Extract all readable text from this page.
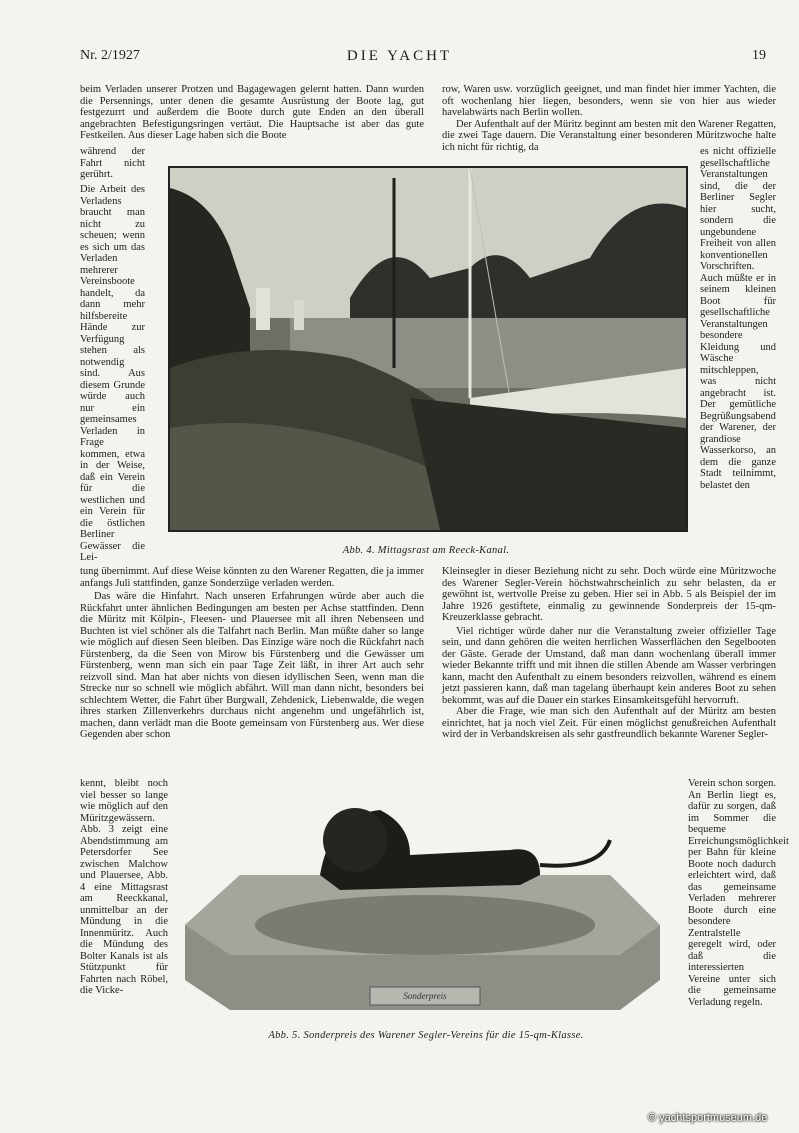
Nr. 2/1927	DIE YACHT	19

beim Verladen unserer Protzen und Bagagewagen gelernt hatten. Dann wurden die Persennings, unter denen die gesamte Ausrüstung der Boote lag, gut festgezurrt und außerdem die Boote durch gute Enden an den überall angebrachten Befestigungsringen vertäut. Die Hauptsache ist aber das gute Festkeilen. Aus dieser Lage haben sich die Boote

während der Fahrt nicht gerührt.

Die Arbeit des Verladens braucht man nicht zu scheuen; wenn es sich um das Verladen mehrerer Vereinsboote handelt, da dann mehr hilfsbereite Hände zur Verfügung stehen als notwendig sind. Aus diesem Grunde würde auch nur ein gemeinsames Verladen in Frage kommen, etwa in der Weise, daß ein Verein für die westlichen und ein Verein für die östlichen Berliner Gewässer die Lei-

tung übernimmt. Auf diese Weise könnten zu den Warener Regatten, die ja immer anfangs Juli stattfinden, ganze Sonderzüge verladen werden.

Das wäre die Hinfahrt. Nach unseren Erfahrungen würde aber auch die Rückfahrt unter ähnlichen Bedingungen am besten per Achse stattfinden. Denn die Müritz mit Kölpin-, Fleesen- und Plauersee mit all ihren Nebenseen und Buchten ist viel schöner als die Talfahrt nach Berlin. Man müßte daher so lange wie möglich auf diesen Seen bleiben. Das Einzige wäre noch die Rückfahrt nach Fürstenberg, da die Seen von Mirow bis Fürstenberg und die Gewässer um Fürstenberg, wenn man sich ein paar Tage Zeit läßt, in ihrer Art auch sehr reizvoll sind. Man hat aber nichts von diesen idyllischen Seen, wenn man die Strecke nur so schnell wie möglich abfährt. Will man dann nicht, besonders bei schlechtem Wetter, die Fahrt über Burgwall, Zehdenick, Liebenwalde, die wegen ihres starken Zillenverkehrs durchaus nicht angenehm und ungefährlich ist, machen, dann verlädt man die Boote gemeinsam von Fürstenberg aus. Wer diese Gegenden aber schon

kennt, bleibt noch viel besser so lange wie möglich auf den Müritzgewässern. Abb. 3 zeigt eine Abendstimmung am Petersdorfer See zwischen Malchow und Plauersee, Abb. 4 eine Mittagsrast am Reeckkanal, unmittelbar an der Mündung in die Innenmüritz. Auch die Mündung des Bolter Kanals ist als Stützpunkt für Fahrten nach Röbel, die Vicke-

row, Waren usw. vorzüglich geeignet, und man findet hier immer Yachten, die oft wochenlang hier liegen, besonders, wenn sie von hier aus wieder havelabwärts nach Berlin wollen.

Der Aufenthalt auf der Müritz beginnt am besten mit den Warener Regatten, die zwei Tage dauern. Die Veranstaltung einer besonderen Müritzwoche halte ich nicht für richtig, da	es nicht offizielle gesellschaftliche Veranstaltungen sind, die der Berliner Segler hier sucht, sondern die ungebundene Freiheit von allen konventionellen Vorschriften. Auch müßte er in seinem kleinen Boot für gesellschaftliche Veranstaltungen besondere Kleidung und Wäsche mitschleppen, was nicht angebracht ist. Der gemütliche Begrüßungsabend der Warener, der grandiose Wasserkorso, an dem die ganze Stadt teilnimmt, belastet den

Kleinsegler in dieser Beziehung nicht zu sehr. Doch würde eine Müritzwoche des Warener Segler-Verein höchstwahrscheinlich zu sehr belasten, da er gewöhnt ist, wertvolle Preise zu geben. Hier sei in Abb. 5 als Beispiel der im Jahre 1926 gestiftete, einmalig zu gewinnende Sonderpreis der 15-qm-Kreuzerklasse gebracht.

Viel richtiger würde daher nur die Veranstaltung zweier offizieller Tage sein, und dann gehören die weiten herrlichen Wasserflächen den Segelbooten der Gäste. Gerade der Umstand, daß man dann wochenlang überall immer wieder Bekannte trifft und mit ihnen die stillen Abende am Wasser verbringen kann, macht den Aufenthalt zu einem besonders reizvollen, während es einem jetzt passieren kann, daß man tagelang überhaupt kein anderes Boot zu sehen bekommt, was auf die Dauer ein starkes Einsamkeitsgefühl hervorruft.

Aber die Frage, wie man sich den Aufenthalt auf der Müritz am besten einrichtet, hat ja noch viel Zeit. Für einen möglichst genußreichen Aufenthalt wird der in Verbandskreisen als sehr gastfreundlich bekannte Warener Segler-

Verein schon sorgen. An Berlin liegt es, dafür zu sorgen, daß im Sommer die bequeme Erreichungsmöglichkeit per Bahn für kleine Boote noch dadurch erleichtert wird, daß das gemeinsame Verladen mehrerer Boote durch eine besondere Zentralstelle geregelt wird, oder daß die interessierten Vereine unter sich die gemeinsame Verladung regeln.

Abb. 4. Mittagsrast am Reeck-Kanal.
Sonderpreis
Abb. 5. Sonderpreis des Warener Segler-Vereins für die 15-qm-Klasse.
© yachtsportmuseum.de
